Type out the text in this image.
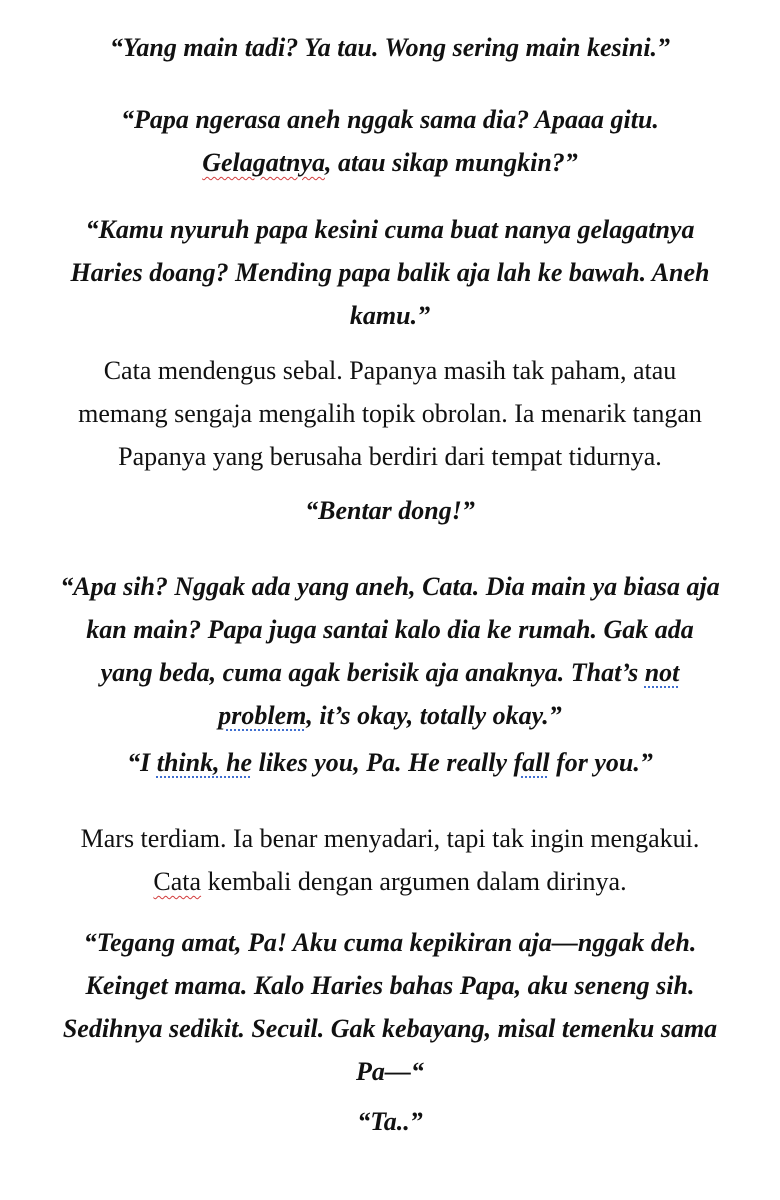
“Yang main tadi? Ya tau. Wong sering main kesini.”

“Papa ngerasa aneh nggak sama dia? Apaaa gitu.
Gelagatnya, atau sikap mungkin?”

“Kamu nyuruh papa kesini cuma buat nanya gelagatnya
Haries doang? Mending papa balik aja lah ke bawah. Aneh
kamu.”

Cata mendengus sebal. Papanya masih tak paham, atau
memang sengaja mengalih topik obrolan. Ia menarik tangan
Papanya yang berusaha berdiri dari tempat tidurnya.

“Bentar dong!”

“Apa sih? Nggak ada yang aneh, Cata. Dia main ya biasa aja
kan main? Papa juga santai kalo dia ke rumah. Gak ada
yang beda, cuma agak berisik aja anaknya. That’s not
problem, it’s okay, totally okay.”

“I think, he likes you, Pa. He really fall for you.”

Mars terdiam. Ia benar menyadari, tapi tak ingin mengakui.
Cata kembali dengan argumen dalam dirinya.

“Tegang amat, Pa! Aku cuma kepikiran aja—nggak deh.
Keinget mama. Kalo Haries bahas Papa, aku seneng sih.
Sedihnya sedikit. Secuil. Gak kebayang, misal temenku sama
Pa—“

“Ta..”
